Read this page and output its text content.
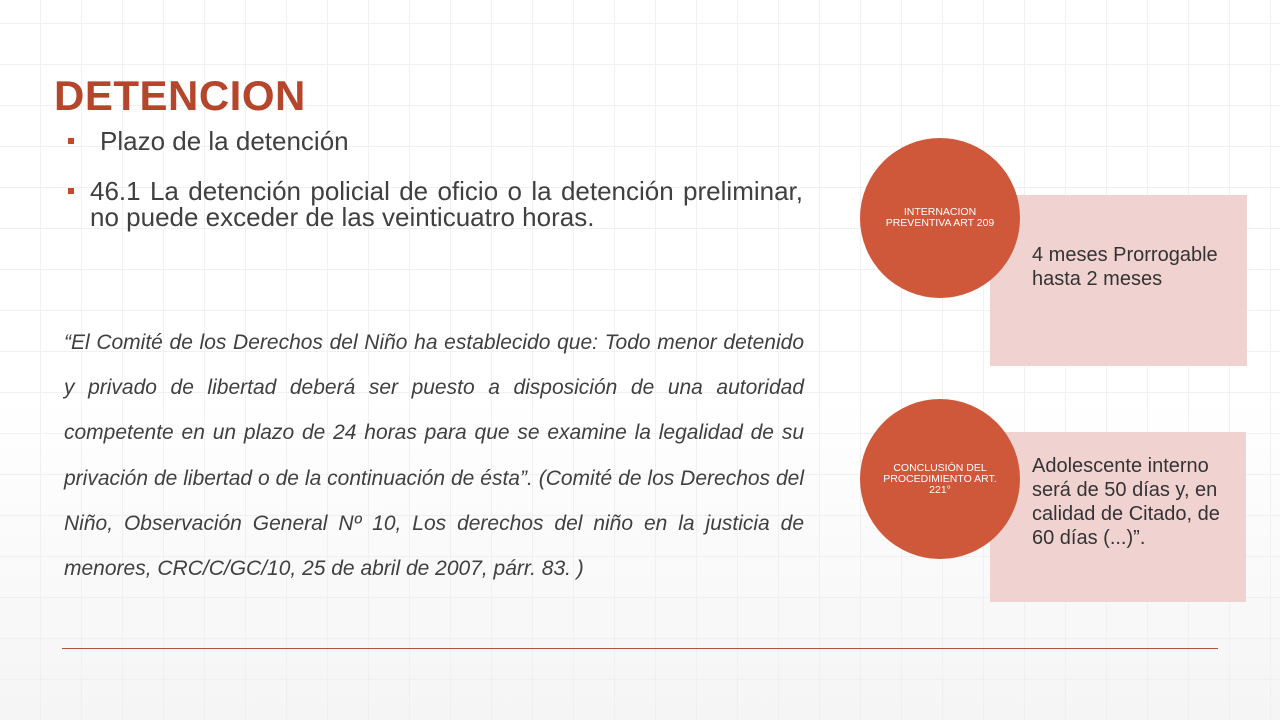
DETENCION
Plazo de la detención
46.1 La detención policial de oficio o la detención preliminar, no puede exceder de las veinticuatro horas.

“El Comité de los Derechos del Niño ha establecido que: Todo menor detenido y privado de libertad deberá ser puesto a disposición de una autoridad competente en un plazo de 24 horas para que se examine la legalidad de su privación de libertad o de la continuación de ésta”. (Comité de los Derechos del Niño, Observación General Nº 10, Los derechos del niño en la justicia de menores, CRC/C/GC/10, 25 de abril de 2007, párr. 83. )

4 meses Prorrogable hasta 2 meses
INTERNACION PREVENTIVA ART 209
Adolescente interno será de 50 días y, en calidad de Citado, de 60 días (...)”.
CONCLUSIÓN DEL PROCEDIMIENTO ART. 221°
